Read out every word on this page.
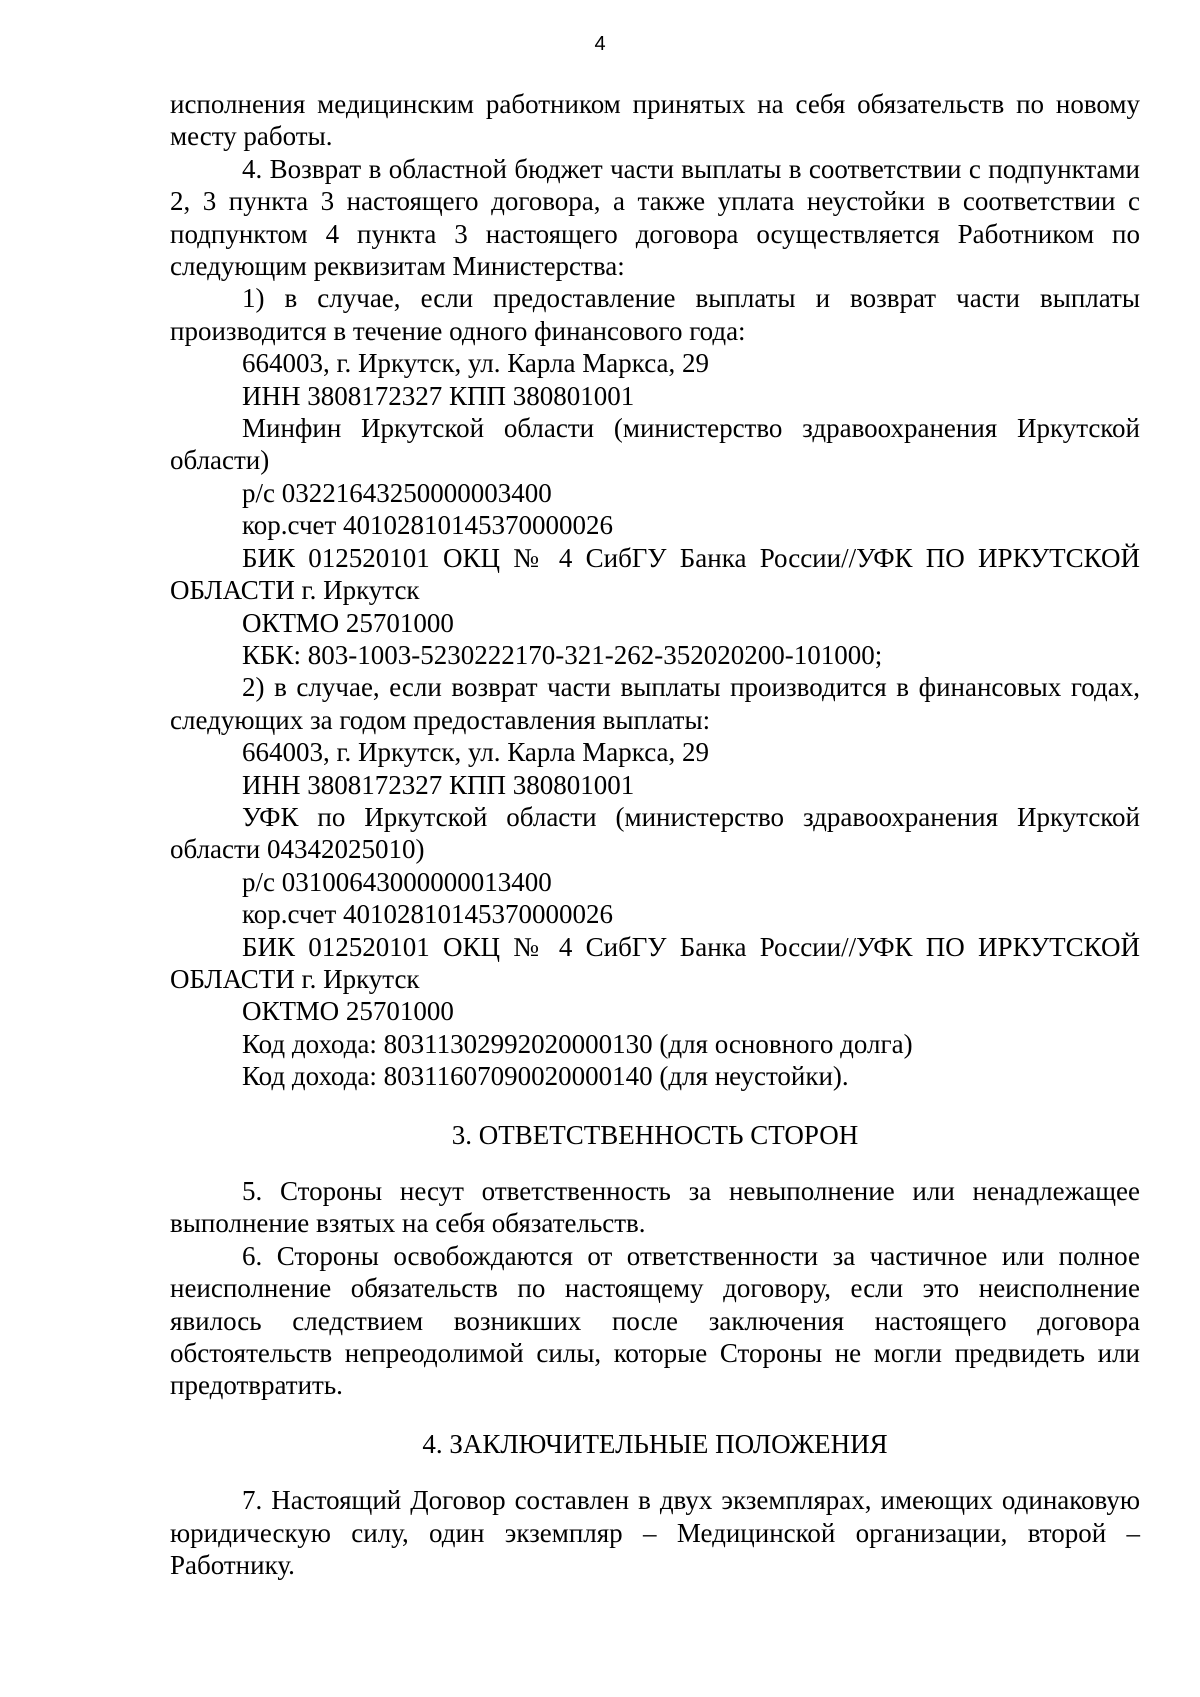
4

исполнения медицинским работником принятых на себя обязательств по новому месту работы.

4. Возврат в областной бюджет части выплаты в соответствии с подпунктами 2, 3 пункта 3 настоящего договора, а также уплата неустойки в соответствии с подпунктом 4 пункта 3 настоящего договора осуществляется Работником по следующим реквизитам Министерства:

1) в случае, если предоставление выплаты и возврат части выплаты производится в течение одного финансового года:

664003, г. Иркутск, ул. Карла Маркса, 29

ИНН 3808172327 КПП 380801001

Минфин Иркутской области (министерство здравоохранения Иркутской области)

р/с 03221643250000003400

кор.счет 40102810145370000026

БИК 012520101 ОКЦ № 4 СибГУ Банка России//УФК ПО ИРКУТСКОЙ ОБЛАСТИ г. Иркутск

ОКТМО 25701000

КБК: 803-1003-5230222170-321-262-352020200-101000;

2) в случае, если возврат части выплаты производится в финансовых годах, следующих за годом предоставления выплаты:

664003, г. Иркутск, ул. Карла Маркса, 29

ИНН 3808172327 КПП 380801001

УФК по Иркутской области (министерство здравоохранения Иркутской области 04342025010)

р/с 03100643000000013400

кор.счет 40102810145370000026

БИК 012520101 ОКЦ № 4 СибГУ Банка России//УФК ПО ИРКУТСКОЙ ОБЛАСТИ г. Иркутск

ОКТМО 25701000

Код дохода: 80311302992020000130 (для основного долга)

Код дохода: 80311607090020000140 (для неустойки).

3. ОТВЕТСТВЕННОСТЬ СТОРОН

5. Стороны несут ответственность за невыполнение или ненадлежащее выполнение взятых на себя обязательств.

6. Стороны освобождаются от ответственности за частичное или полное неисполнение обязательств по настоящему договору, если это неисполнение явилось следствием возникших после заключения настоящего договора обстоятельств непреодолимой силы, которые Стороны не могли предвидеть или предотвратить.

4. ЗАКЛЮЧИТЕЛЬНЫЕ ПОЛОЖЕНИЯ

7. Настоящий Договор составлен в двух экземплярах, имеющих одинаковую юридическую силу, один экземпляр – Медицинской организации, второй – Работнику.
